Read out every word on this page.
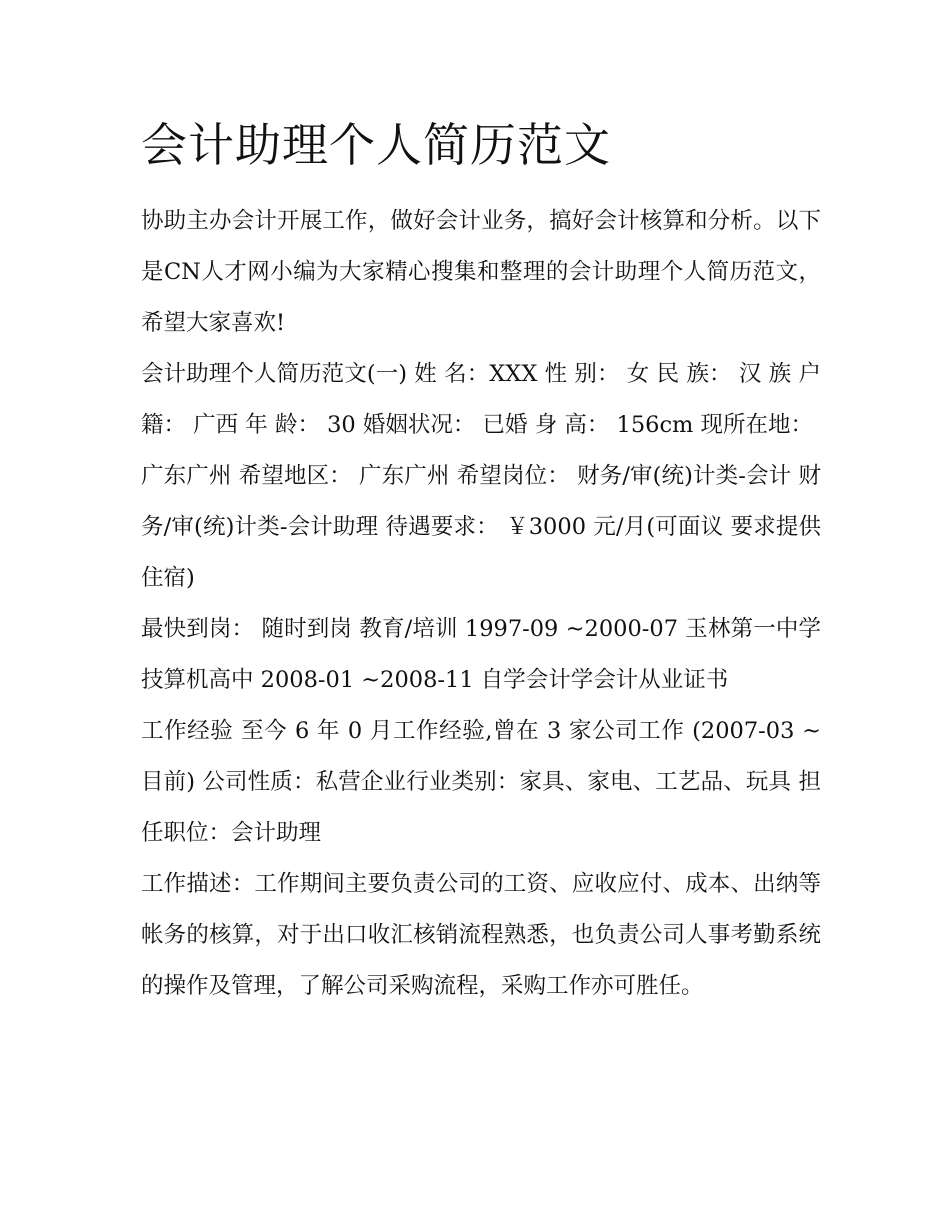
会计助理个人简历范文

协助主办会计开展工作，做好会计业务，搞好会计核算和分析。以下是CN人才网小编为大家精心搜集和整理的会计助理个人简历范文，希望大家喜欢!

会计助理个人简历范文(一) 姓 名：XXX 性 别： 女 民 族： 汉 族 户 籍： 广西 年 龄： 30 婚姻状况： 已婚 身 高： 156cm 现所在地：

广东广州 希望地区： 广东广州 希望岗位： 财务/审(统)计类-会计 财务/审(统)计类-会计助理 待遇要求： ￥3000 元/月(可面议 要求提供住宿)

最快到岗： 随时到岗 教育/培训 1997-09 ~2000-07 玉林第一中学技算机高中 2008-01 ~2008-11 自学会计学会计从业证书

工作经验 至今 6 年 0 月工作经验,曾在 3 家公司工作 (2007-03 ~ 目前) 公司性质：私营企业行业类别：家具、家电、工艺品、玩具 担任职位：会计助理

工作描述：工作期间主要负责公司的工资、应收应付、成本、出纳等帐务的核算，对于出口收汇核销流程熟悉，也负责公司人事考勤系统的操作及管理，了解公司采购流程，采购工作亦可胜任。
